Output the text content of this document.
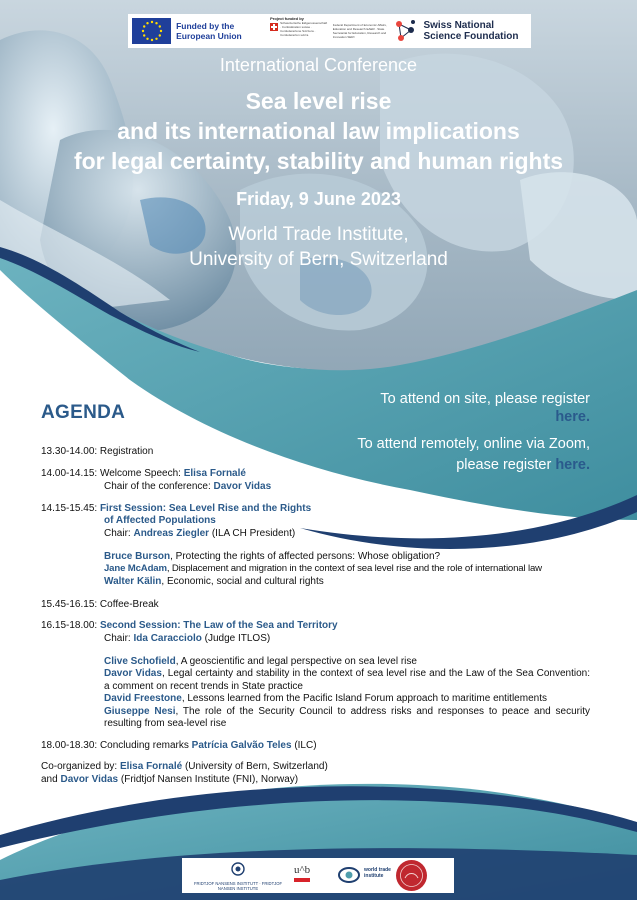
Funded by the European Union
Project funded by
Schweizerische Eidgenossenschaft · Confédération suisse · Confederazione Svizzera · Confederaziun svizra
Federal Department of Economic Affairs, Education and Research EAER · State Secretariat for Education, Research and Innovation SERI
Swiss National Science Foundation
International Conference
Sea level rise
and its international law implications
for legal certainty, stability and human rights
Friday, 9 June 2023
World Trade Institute,
University of Bern, Switzerland
To attend on site, please register
here.
To attend remotely, online via Zoom,
please register here.
AGENDA
13.30-14.00: Registration
14.00-14.15: Welcome Speech: Elisa Fornalé
Chair of the conference: Davor Vidas
14.15-15.45: First Session: Sea Level Rise and the Rights
of Affected Populations
Chair: Andreas Ziegler (ILA CH President)
Bruce Burson, Protecting the rights of affected persons: Whose obligation?
Jane McAdam, Displacement and migration in the context of sea level rise and the role of international law
Walter Kälin, Economic, social and cultural rights
15.45-16.15: Coffee-Break
16.15-18.00: Second Session: The Law of the Sea and Territory
Chair: Ida Caracciolo (Judge ITLOS)
Clive Schofield, A geoscientific and legal perspective on sea level rise
Davor Vidas, Legal certainty and stability in the context of sea level rise and the Law of the Sea Convention: a comment on recent trends in State practice
David Freestone, Lessons learned from the Pacific Island Forum approach to maritime entitlements
Giuseppe Nesi, The role of the Security Council to address risks and responses to peace and security resulting from sea-level rise
18.00-18.30: Concluding remarks Patrícia Galvão Teles (ILC)
Co-organized by: Elisa Fornalé (University of Bern, Switzerland)
and Davor Vidas (Fridtjof Nansen Institute (FNI), Norway)
FRIDTJOF NANSENS INSTITUTT · FRIDTJOF NANSEN INSTITUTE
u^b	world trade institute
